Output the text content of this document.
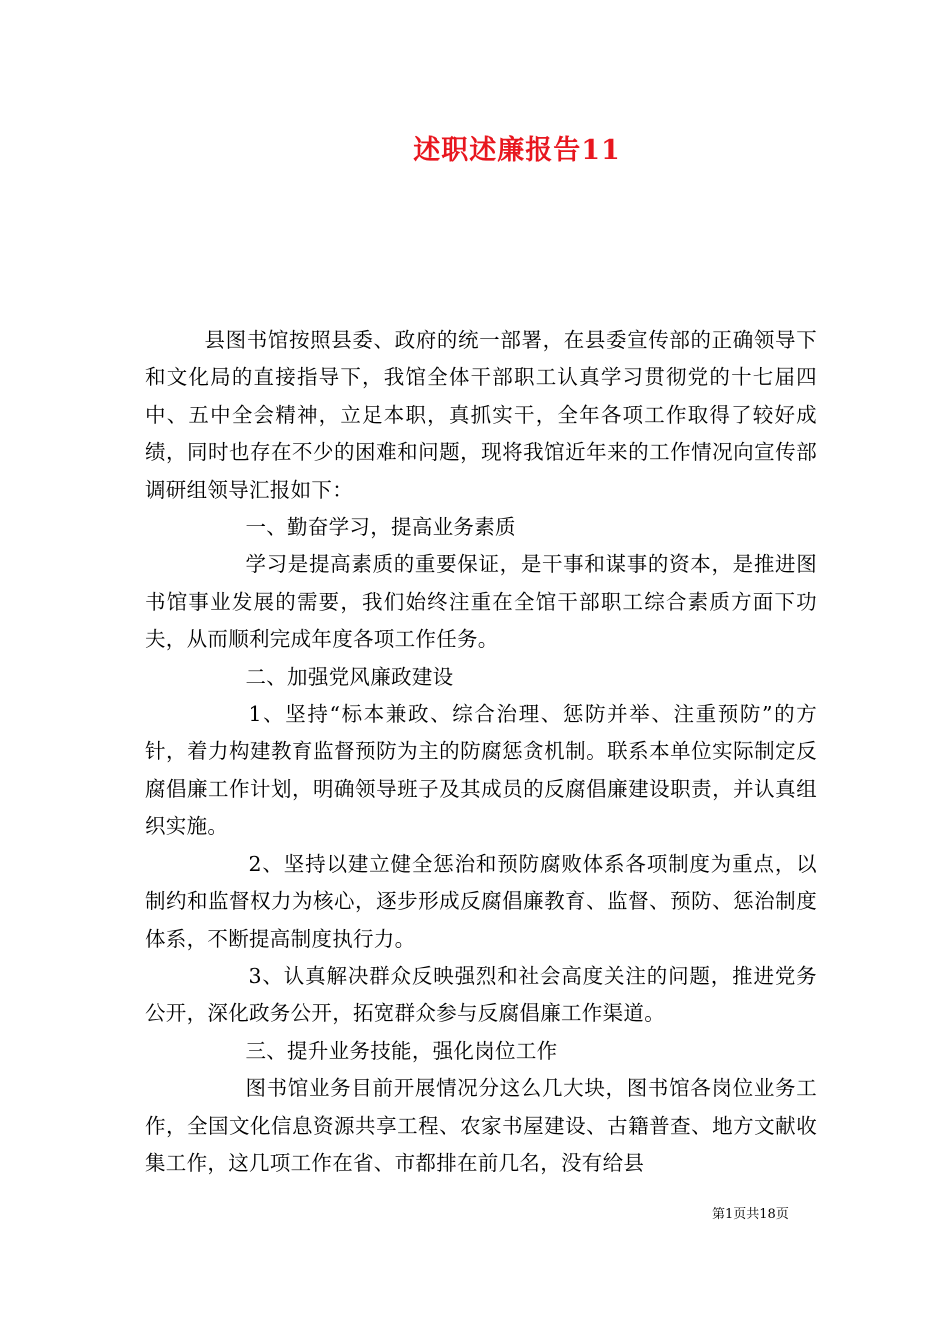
述职述廉报告11

县图书馆按照县委、政府的统一部署，在县委宣传部的正确领导下和文化局的直接指导下，我馆全体干部职工认真学习贯彻党的十七届四中、五中全会精神，立足本职，真抓实干，全年各项工作取得了较好成绩，同时也存在不少的困难和问题，现将我馆近年来的工作情况向宣传部调研组领导汇报如下：

一、勤奋学习，提高业务素质

学习是提高素质的重要保证，是干事和谋事的资本，是推进图书馆事业发展的需要，我们始终注重在全馆干部职工综合素质方面下功夫，从而顺利完成年度各项工作任务。

二、加强党风廉政建设

1、坚持“标本兼政、综合治理、惩防并举、注重预防”的方针，着力构建教育监督预防为主的防腐惩贪机制。联系本单位实际制定反腐倡廉工作计划，明确领导班子及其成员的反腐倡廉建设职责，并认真组织实施。

2、坚持以建立健全惩治和预防腐败体系各项制度为重点，以制约和监督权力为核心，逐步形成反腐倡廉教育、监督、预防、惩治制度体系，不断提高制度执行力。

3、认真解决群众反映强烈和社会高度关注的问题，推进党务公开，深化政务公开，拓宽群众参与反腐倡廉工作渠道。

三、提升业务技能，强化岗位工作

图书馆业务目前开展情况分这么几大块，图书馆各岗位业务工作，全国文化信息资源共享工程、农家书屋建设、古籍普查、地方文献收集工作，这几项工作在省、市都排在前几名，没有给县

第1页共18页
